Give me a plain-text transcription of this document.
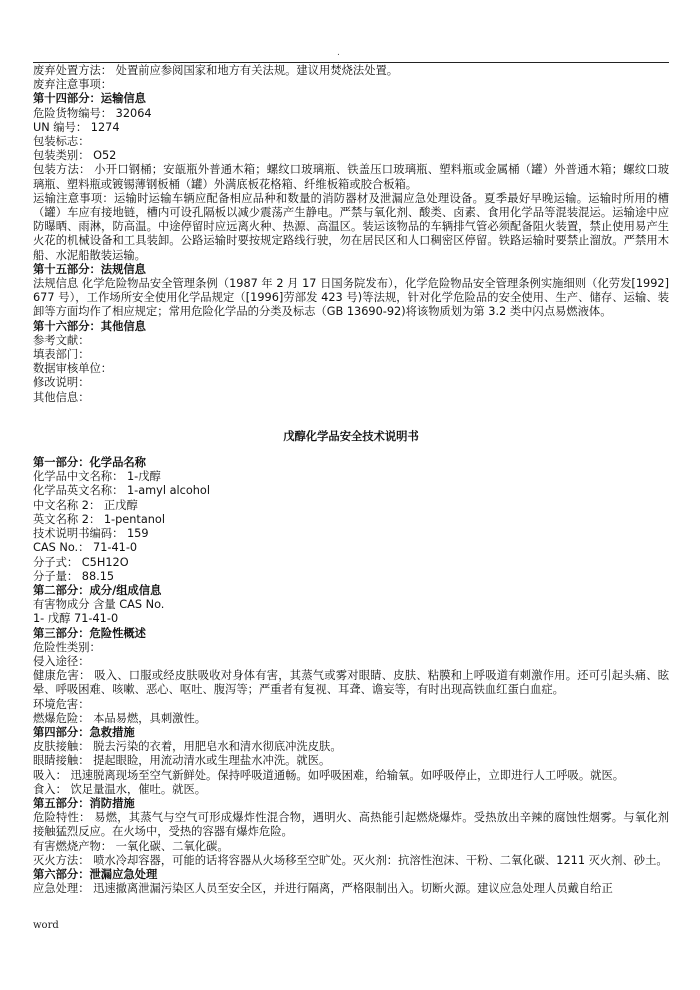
.
废弃处置方法： 处置前应参阅国家和地方有关法规。建议用焚烧法处置。
废弃注意事项：
第十四部分：运输信息
危险货物编号： 32064
UN 编号： 1274
包装标志：
包装类别： O52
包装方法： 小开口钢桶；安瓿瓶外普通木箱；螺纹口玻璃瓶、铁盖压口玻璃瓶、塑料瓶或金属桶（罐）外普通木箱；螺纹口玻璃瓶、塑料瓶或镀锡薄钢板桶（罐）外满底板花格箱、纤维板箱或胶合板箱。
运输注意事项：运输时运输车辆应配备相应品种和数量的消防器材及泄漏应急处理设备。夏季最好早晚运输。运输时所用的槽（罐）车应有接地链，槽内可设孔隔板以减少震荡产生静电。严禁与氧化剂、酸类、卤素、食用化学品等混装混运。运输途中应防曝晒、雨淋，防高温。中途停留时应远离火种、热源、高温区。装运该物品的车辆排气管必须配备阻火装置，禁止使用易产生火花的机械设备和工具装卸。公路运输时要按规定路线行驶，勿在居民区和人口稠密区停留。铁路运输时要禁止溜放。严禁用木船、水泥船散装运输。
第十五部分：法规信息
法规信息 化学危险物品安全管理条例（1987 年 2 月 17 日国务院发布），化学危险物品安全管理条例实施细则（化劳发[1992] 677 号），工作场所安全使用化学品规定（[1996]劳部发 423 号)等法规，针对化学危险品的安全使用、生产、储存、运输、装卸等方面均作了相应规定；常用危险化学品的分类及标志（GB 13690-92)将该物质划为第 3.2 类中闪点易燃液体。
第十六部分：其他信息
参考文献：
填表部门：
数据审核单位：
修改说明：
其他信息：
戊醇化学品安全技术说明书
第一部分：化学品名称
化学品中文名称： 1-戊醇
化学品英文名称： 1-amyl alcohol
中文名称 2： 正戊醇
英文名称 2： 1-pentanol
技术说明书编码： 159
CAS No.： 71-41-0
分子式： C5H12O
分子量： 88.15
第二部分：成分/组成信息
有害物成分 含量 CAS No.
1- 戊醇 71-41-0
第三部分：危险性概述
危险性类别：
侵入途径：
健康危害： 吸入、口服或经皮肤吸收对身体有害，其蒸气或雾对眼睛、皮肤、粘膜和上呼吸道有刺激作用。还可引起头痛、眩晕、呼吸困难、咳嗽、恶心、呕吐、腹泻等；严重者有复视、耳聋、谵妄等，有时出现高铁血红蛋白血症。
环境危害：
燃爆危险： 本品易燃，具刺激性。
第四部分：急救措施
皮肤接触： 脱去污染的衣着，用肥皂水和清水彻底冲洗皮肤。
眼睛接触： 提起眼睑，用流动清水或生理盐水冲洗。就医。
吸入： 迅速脱离现场至空气新鲜处。保持呼吸道通畅。如呼吸困难，给输氧。如呼吸停止，立即进行人工呼吸。就医。
食入： 饮足量温水，催吐。就医。
第五部分：消防措施
危险特性： 易燃，其蒸气与空气可形成爆炸性混合物，遇明火、高热能引起燃烧爆炸。受热放出辛辣的腐蚀性烟雾。与氧化剂接触猛烈反应。在火场中，受热的容器有爆炸危险。
有害燃烧产物： 一氧化碳、二氧化碳。
灭火方法： 喷水冷却容器，可能的话将容器从火场移至空旷处。灭火剂：抗溶性泡沫、干粉、二氧化碳、1211 灭火剂、砂土。
第六部分：泄漏应急处理
应急处理： 迅速撤离泄漏污染区人员至安全区，并进行隔离，严格限制出入。切断火源。建议应急处理人员戴自给正
word
